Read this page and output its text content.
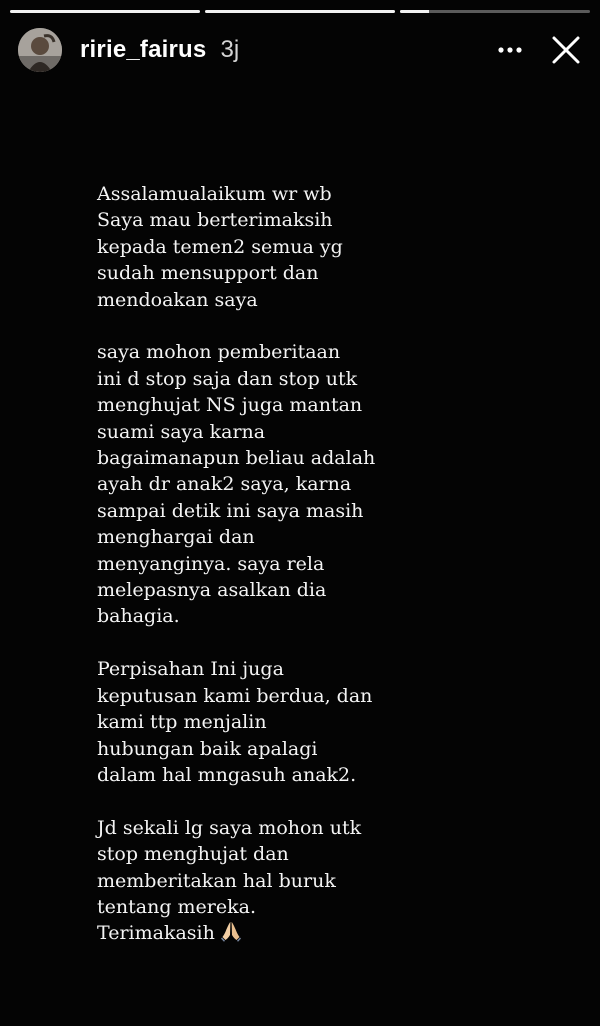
ririe_fairus 3j

Assalamualaikum wr wb
Saya mau berterimaksih
kepada temen2 semua yg
sudah mensupport dan
mendoakan saya

saya mohon pemberitaan
ini d stop saja dan stop utk
menghujat NS juga mantan
suami saya karna
bagaimanapun beliau adalah
ayah dr anak2 saya, karna
sampai detik ini saya masih
menghargai dan
menyanginya. saya rela
melepasnya asalkan dia
bahagia.

Perpisahan Ini juga
keputusan kami berdua, dan
kami ttp menjalin
hubungan baik apalagi
dalam hal mngasuh anak2.

Jd sekali lg saya mohon utk
stop menghujat dan
memberitakan hal buruk
tentang mereka.
Terimakasih
